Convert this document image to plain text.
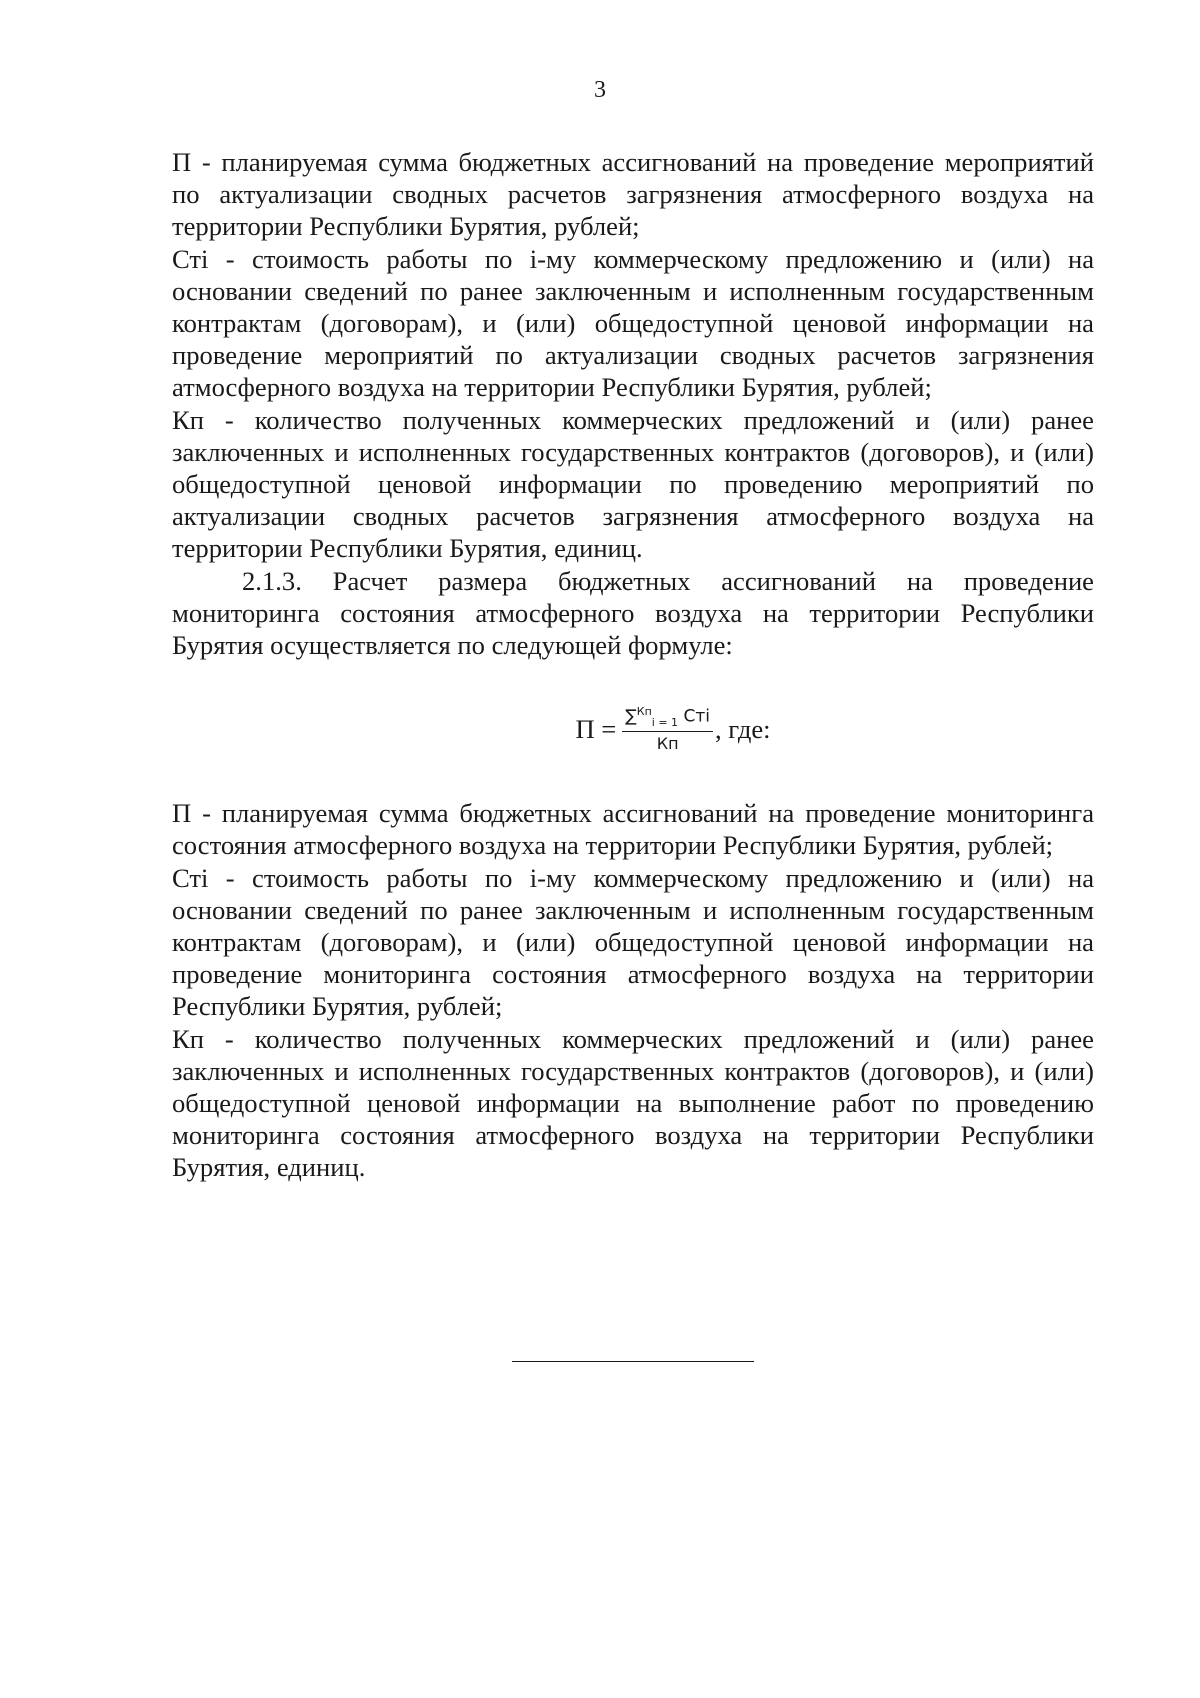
3

П - планируемая сумма бюджетных ассигнований на проведение мероприятий по актуализации сводных расчетов загрязнения атмосферного воздуха на территории Республики Бурятия, рублей;

Стi - стоимость работы по i-му коммерческому предложению и (или) на основании сведений по ранее заключенным и исполненным государственным контрактам (договорам), и (или) общедоступной ценовой информации на проведение мероприятий по актуализации сводных расчетов загрязнения атмосферного воздуха на территории Республики Бурятия, рублей;

Кп - количество полученных коммерческих предложений и (или) ранее заключенных и исполненных государственных контрактов (договоров), и (или) общедоступной ценовой информации по проведению мероприятий по актуализации сводных расчетов загрязнения атмосферного воздуха на территории Республики Бурятия, единиц.

2.1.3. Расчет размера бюджетных ассигнований на проведение мониторинга состояния атмосферного воздуха на территории Республики Бурятия осуществляется по следующей формуле:

$П = \frac{\sum^{Кп}_{i = 1} Стi}{Кп}$ , где:

П - планируемая сумма бюджетных ассигнований на проведение мониторинга состояния атмосферного воздуха на территории Республики Бурятия, рублей;

Стi - стоимость работы по i-му коммерческому предложению и (или) на основании сведений по ранее заключенным и исполненным государственным контрактам (договорам), и (или) общедоступной ценовой информации на проведение мониторинга состояния атмосферного воздуха на территории Республики Бурятия, рублей;

Кп - количество полученных коммерческих предложений и (или) ранее заключенных и исполненных государственных контрактов (договоров), и (или) общедоступной ценовой информации на выполнение работ по проведению мониторинга состояния атмосферного воздуха на территории Республики Бурятия, единиц.
